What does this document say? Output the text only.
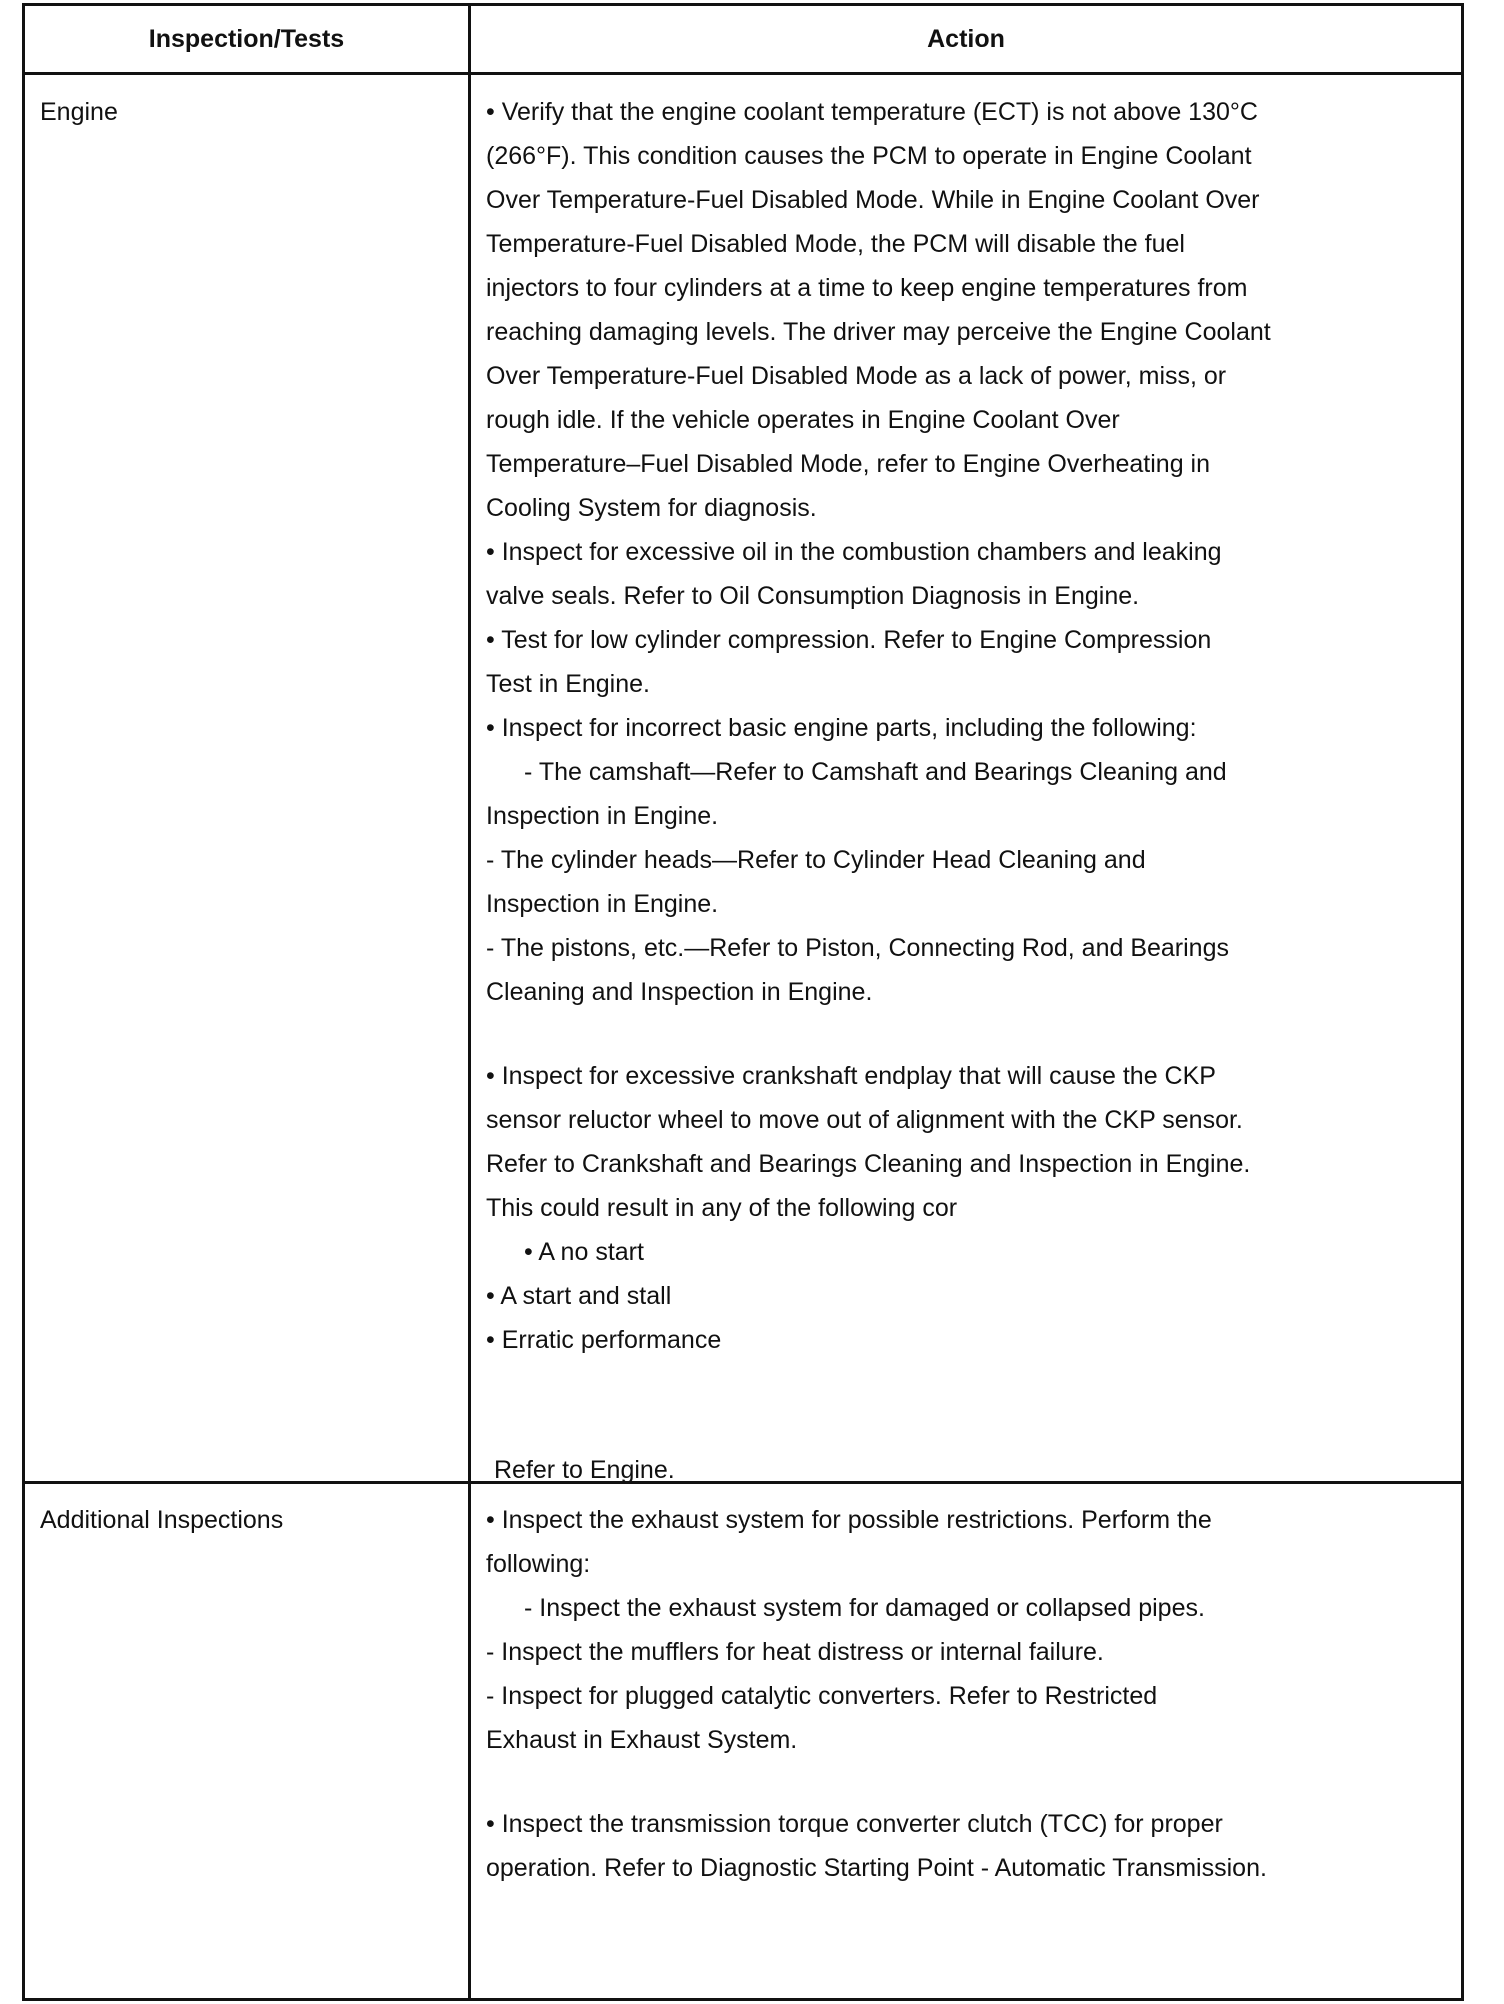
Inspection/Tests	Action
Engine	• Verify that the engine coolant temperature (ECT) is not above 130°C
(266°F). This condition causes the PCM to operate in Engine Coolant
Over Temperature-Fuel Disabled Mode. While in Engine Coolant Over
Temperature-Fuel Disabled Mode, the PCM will disable the fuel
injectors to four cylinders at a time to keep engine temperatures from
reaching damaging levels. The driver may perceive the Engine Coolant
Over Temperature-Fuel Disabled Mode as a lack of power, miss, or
rough idle. If the vehicle operates in Engine Coolant Over
Temperature–Fuel Disabled Mode, refer to Engine Overheating in
Cooling System for diagnosis.
• Inspect for excessive oil in the combustion chambers and leaking
valve seals. Refer to Oil Consumption Diagnosis in Engine.
• Test for low cylinder compression. Refer to Engine Compression
Test in Engine.
• Inspect for incorrect basic engine parts, including the following:
- The camshaft—Refer to Camshaft and Bearings Cleaning and
Inspection in Engine.
- The cylinder heads—Refer to Cylinder Head Cleaning and
Inspection in Engine.
- The pistons, etc.—Refer to Piston, Connecting Rod, and Bearings
Cleaning and Inspection in Engine.
• Inspect for excessive crankshaft endplay that will cause the CKP
sensor reluctor wheel to move out of alignment with the CKP sensor.
Refer to Crankshaft and Bearings Cleaning and Inspection in Engine.
This could result in any of the following cor
• A no start
• A start and stall
• Erratic performance
Refer to Engine.
Additional Inspections	• Inspect the exhaust system for possible restrictions. Perform the
following:
- Inspect the exhaust system for damaged or collapsed pipes.
- Inspect the mufflers for heat distress or internal failure.
- Inspect for plugged catalytic converters. Refer to Restricted
Exhaust in Exhaust System.
• Inspect the transmission torque converter clutch (TCC) for proper
operation. Refer to Diagnostic Starting Point - Automatic Transmission.
